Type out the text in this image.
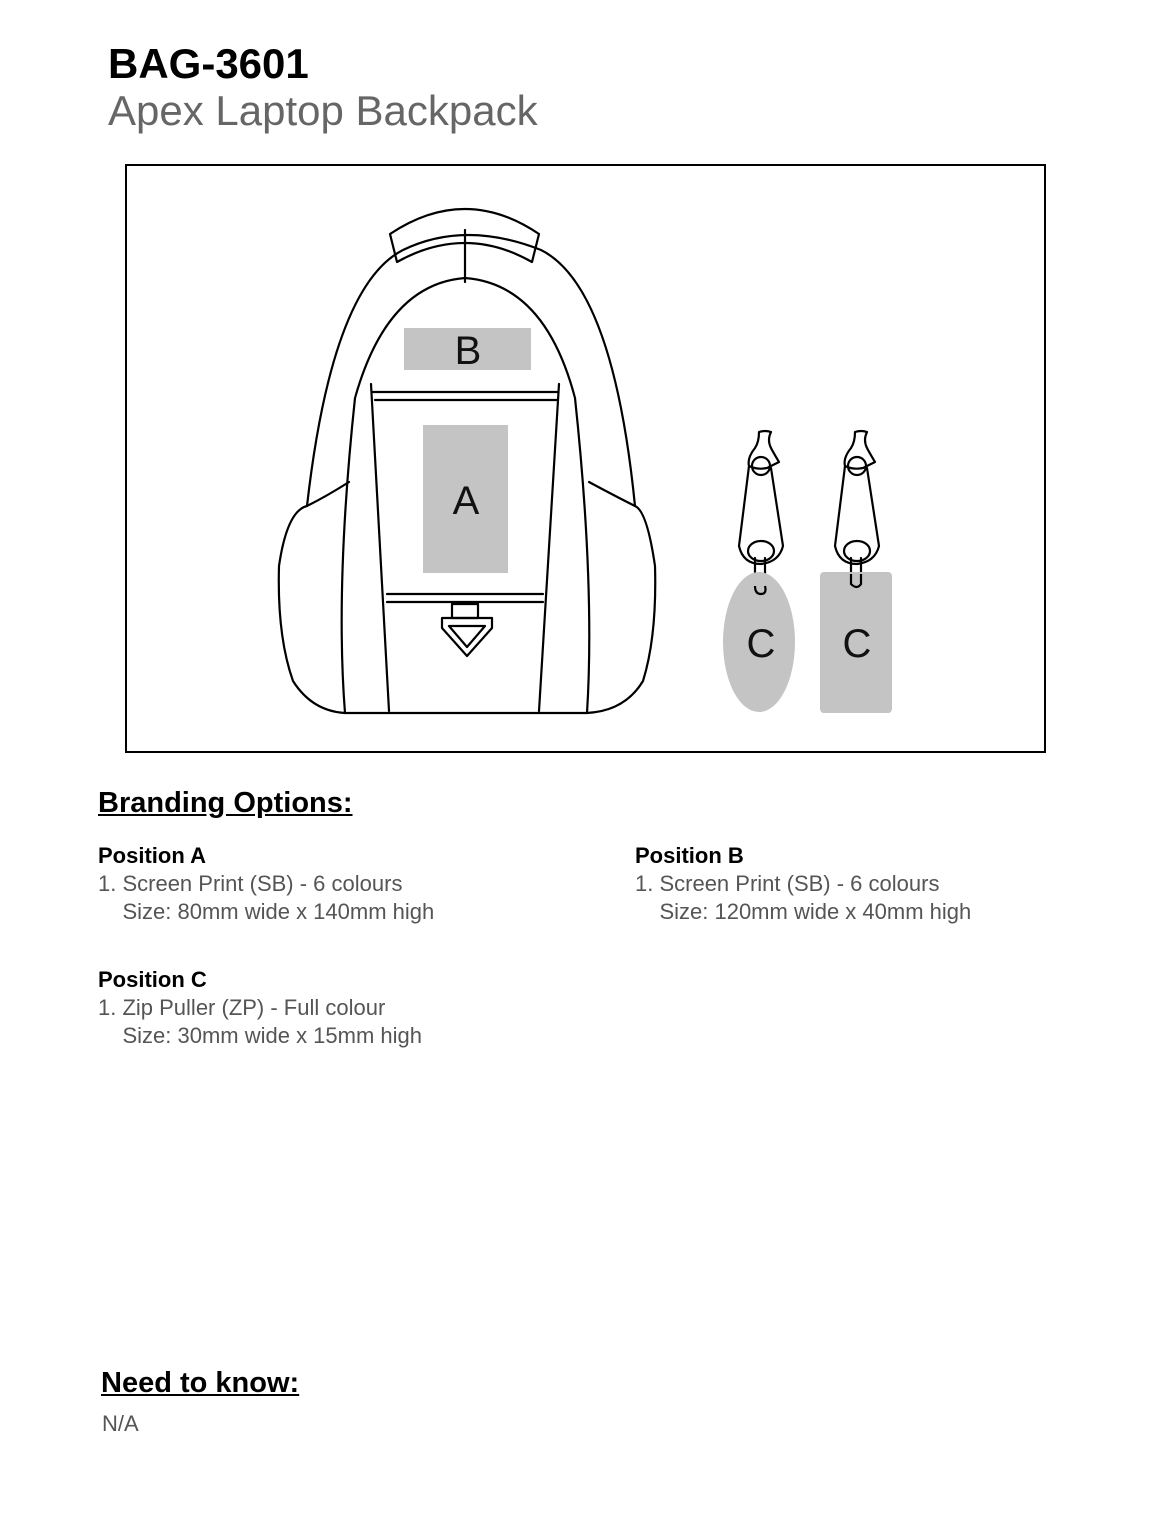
BAG-3601
Apex Laptop Backpack
B
A
C C
Branding Options:
Position A
1. Screen Print (SB) - 6 colours
Size: 80mm wide x 140mm high
Position B
1. Screen Print (SB) - 6 colours
Size: 120mm wide x 40mm high
Position C
1. Zip Puller (ZP) - Full colour
Size: 30mm wide x 15mm high
Need to know:
N/A
